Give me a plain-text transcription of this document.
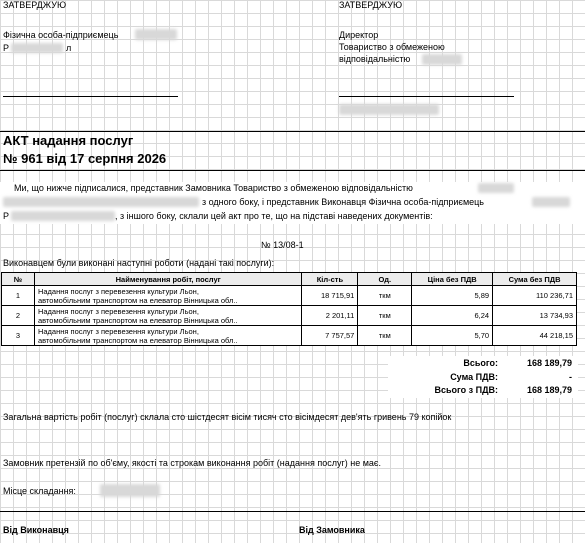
ЗАТВЕРДЖУЮ
Фізична особа-підприємець
Р	л
ЗАТВЕРДЖУЮ
Директор
Товариство з обмеженою
відповідальністю
АКТ надання послуг
№ 961 від 17 серпня 2026
Ми, що нижче підписалися, представник Замовника Товариство з обмеженою відповідальністю
з одного боку, і представник Виконавця Фізична особа-підприємець
Р	, з іншого боку, склали цей акт про те, що на підставі наведених документів:
№ 13/08-1
Виконавцем були виконані наступні роботи (надані такі послуги):
№	Найменування робіт, послуг	Кіл-сть	Од.	Ціна без ПДВ	Сума без ПДВ
1	Надання послуг з перевезення культури Льон,
автомобільним транспортом на елеватор Вінницька обл..	18 715,91	ткм	5,89	110 236,71
2	Надання послуг з перевезення культури Льон,
автомобільним транспортом на елеватор Вінницька обл..	2 201,11	ткм	6,24	13 734,93
3	Надання послуг з перевезення культури Льон,
автомобільним транспортом на елеватор Вінницька обл..	7 757,57	ткм	5,70	44 218,15
Всього:	168 189,79
Сума ПДВ:	-
Всього з ПДВ:	168 189,79
Загальна вартість робіт (послуг) склала сто шістдесят вісім тисяч сто вісімдесят дев'ять гривень 79 копійок
Замовник претензій по об'єму, якості та строкам виконання робіт (надання послуг) не має.
Місце складання:
Від Виконавця	Від Замовника
